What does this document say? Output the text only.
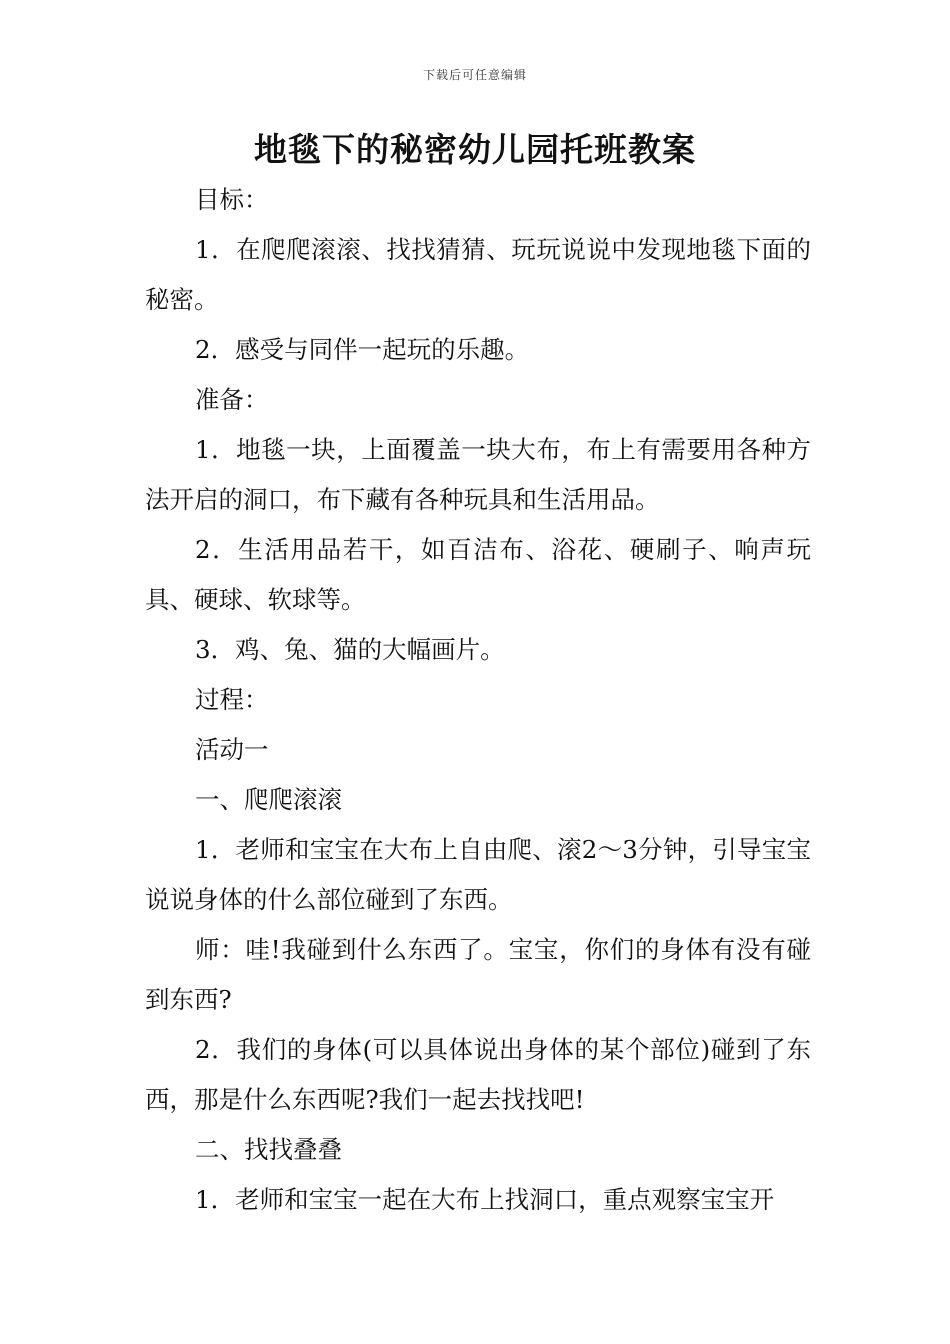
下载后可任意编辑
地毯下的秘密幼儿园托班教案

目标：

1．在爬爬滚滚、找找猜猜、玩玩说说中发现地毯下面的秘密。

2．感受与同伴一起玩的乐趣。

准备：

1．地毯一块，上面覆盖一块大布，布上有需要用各种方法开启的洞口，布下藏有各种玩具和生活用品。

2．生活用品若干，如百洁布、浴花、硬刷子、响声玩具、硬球、软球等。

3．鸡、兔、猫的大幅画片。

过程：

活动一

一、爬爬滚滚

1．老师和宝宝在大布上自由爬、滚2～3分钟，引导宝宝说说身体的什么部位碰到了东西。

师：哇!我碰到什么东西了。宝宝，你们的身体有没有碰到东西?

2．我们的身体(可以具体说出身体的某个部位)碰到了东西，那是什么东西呢?我们一起去找找吧!

二、找找叠叠

1．老师和宝宝一起在大布上找洞口，重点观察宝宝开
